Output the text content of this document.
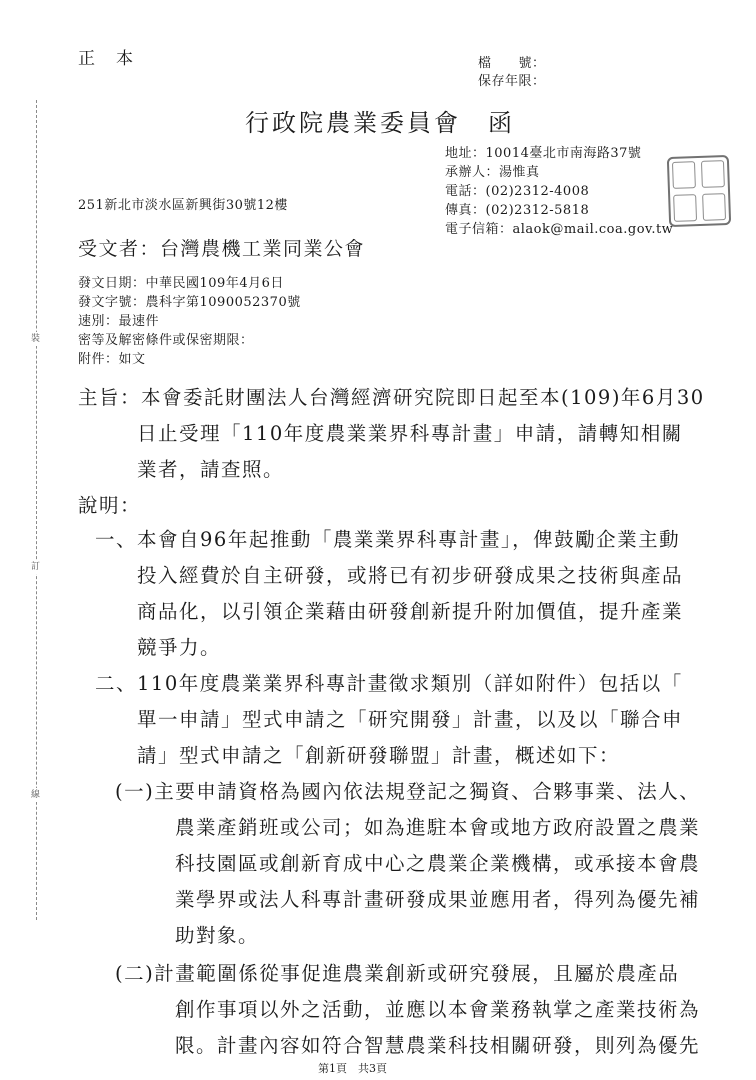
裝
訂
線
正　本	檔　　號：
保存年限：
行政院農業委員會　函
地址：10014臺北市南海路37號
承辦人：湯惟真
電話：(02)2312-4008
傳真：(02)2312-5818
電子信箱：alaok@mail.coa.gov.tw
251新北市淡水區新興街30號12樓
受文者：台灣農機工業同業公會
發文日期：中華民國109年4月6日
發文字號：農科字第1090052370號
速別：最速件
密等及解密條件或保密期限：
附件：如文
主旨：本會委託財團法人台灣經濟研究院即日起至本(109)年6月30
日止受理「110年度農業業界科專計畫」申請，請轉知相關
業者，請查照。
說明：
一、本會自96年起推動「農業業界科專計畫」，俾鼓勵企業主動
投入經費於自主研發，或將已有初步研發成果之技術與產品
商品化，以引領企業藉由研發創新提升附加價值，提升產業
競爭力。
二、110年度農業業界科專計畫徵求類別（詳如附件）包括以「
單一申請」型式申請之「研究開發」計畫，以及以「聯合申
請」型式申請之「創新研發聯盟」計畫，概述如下：
(一)主要申請資格為國內依法規登記之獨資、合夥事業、法人、
農業產銷班或公司；如為進駐本會或地方政府設置之農業
科技園區或創新育成中心之農業企業機構，或承接本會農
業學界或法人科專計畫研發成果並應用者，得列為優先補
助對象。
(二)計畫範圍係從事促進農業創新或研究發展，且屬於農產品
創作事項以外之活動，並應以本會業務執掌之產業技術為
限。計畫內容如符合智慧農業科技相關研發，則列為優先
第1頁　共3頁
